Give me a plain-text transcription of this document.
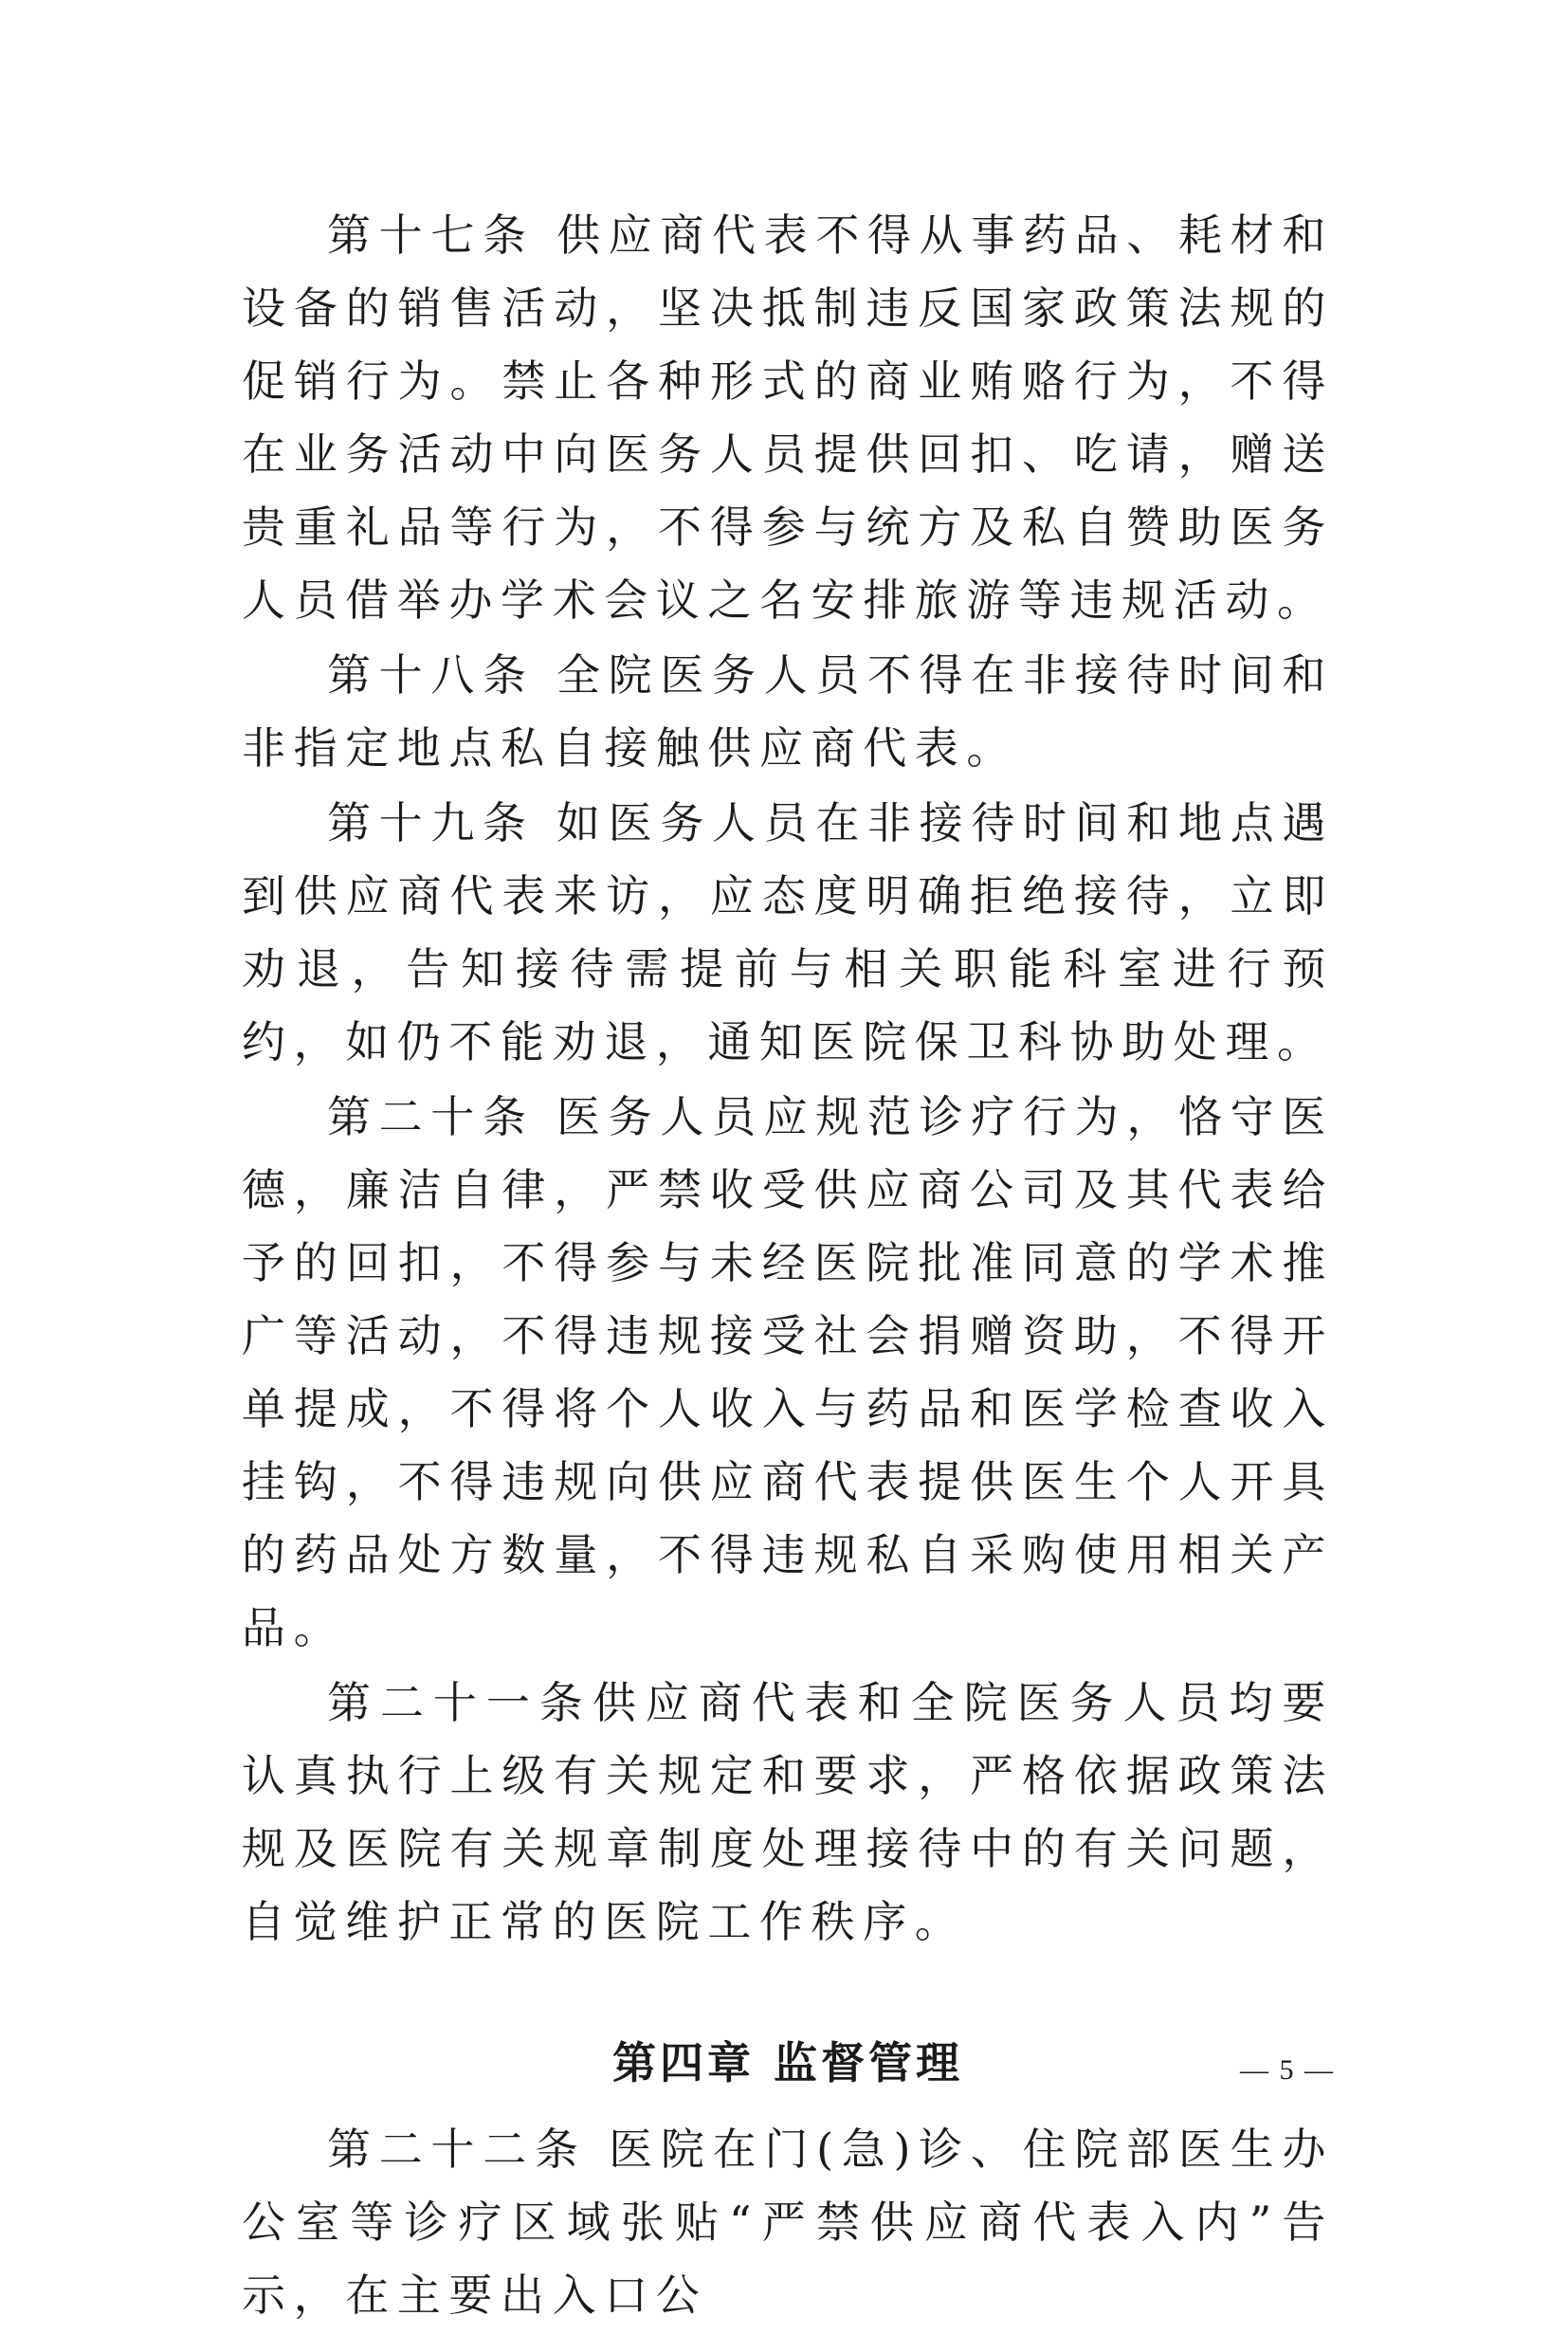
第十七条 供应商代表不得从事药品、耗材和设备的销售活动，坚决抵制违反国家政策法规的促销行为。禁止各种形式的商业贿赂行为，不得在业务活动中向医务人员提供回扣、吃请，赠送贵重礼品等行为，不得参与统方及私自赞助医务人员借举办学术会议之名安排旅游等违规活动。

第十八条 全院医务人员不得在非接待时间和非指定地点私自接触供应商代表。

第十九条 如医务人员在非接待时间和地点遇到供应商代表来访，应态度明确拒绝接待，立即劝退，告知接待需提前与相关职能科室进行预约，如仍不能劝退，通知医院保卫科协助处理。

第二十条 医务人员应规范诊疗行为，恪守医德，廉洁自律，严禁收受供应商公司及其代表给予的回扣，不得参与未经医院批准同意的学术推广等活动，不得违规接受社会捐赠资助，不得开单提成，不得将个人收入与药品和医学检查收入挂钩，不得违规向供应商代表提供医生个人开具的药品处方数量，不得违规私自采购使用相关产品。

第二十一条供应商代表和全院医务人员均要认真执行上级有关规定和要求，严格依据政策法规及医院有关规章制度处理接待中的有关问题，自觉维护正常的医院工作秩序。

第四章 监督管理

第二十二条 医院在门(急)诊、住院部医生办公室等诊疗区域张贴“严禁供应商代表入内”告示，在主要出入口公

— 5 —
